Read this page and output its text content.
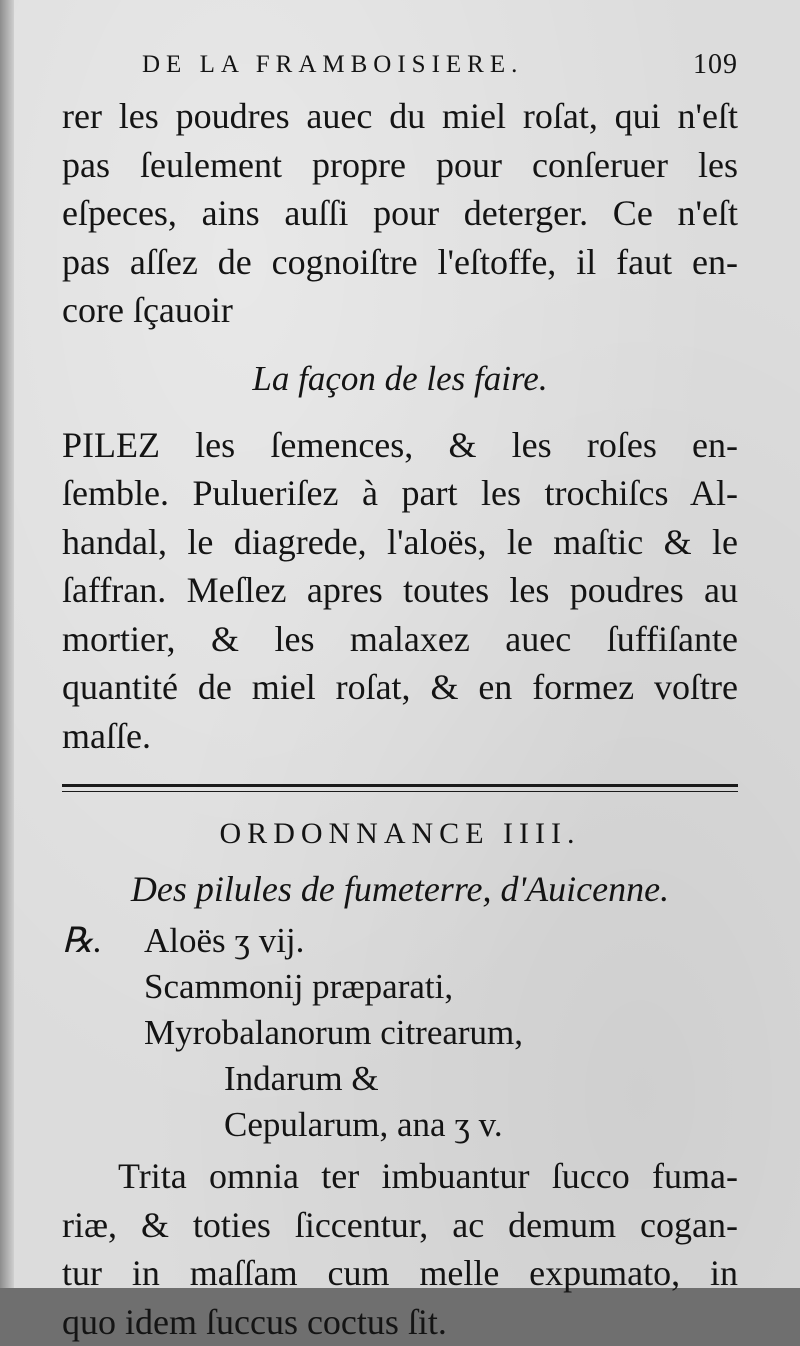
DE LA FRAMBOISIERE.	109
rer les poudres auec du miel roſat, qui n'eſt
pas ſeulement propre pour conſeruer les
eſpeces, ains auſſi pour deterger. Ce n'eſt
pas aſſez de cognoiſtre l'eſtoffe, il faut en-
core ſçauoir
La façon de les faire.
PILEZ les ſemences, & les roſes en-
ſemble. Pulueriſez à part les trochiſcs Al-
handal, le diagrede, l'aloës, le maſtic & le
ſaffran. Meſlez apres toutes les poudres au
mortier, & les malaxez auec ſuffiſante
quantité de miel roſat, & en formez voſtre
maſſe.
ORDONNANCE IIII.
Des pilules de fumeterre, d'Auicenne.
℞. Aloës ʒ vij.
Scammonij præparati,
Myrobalanorum citrearum,
Indarum &
Cepularum, ana ʒ v.
Trita omnia ter imbuantur ſucco fuma-
riæ, & toties ſiccentur, ac demum cogan-
tur in maſſam cum melle expumato, in
quo idem ſuccus coctus ſit.
